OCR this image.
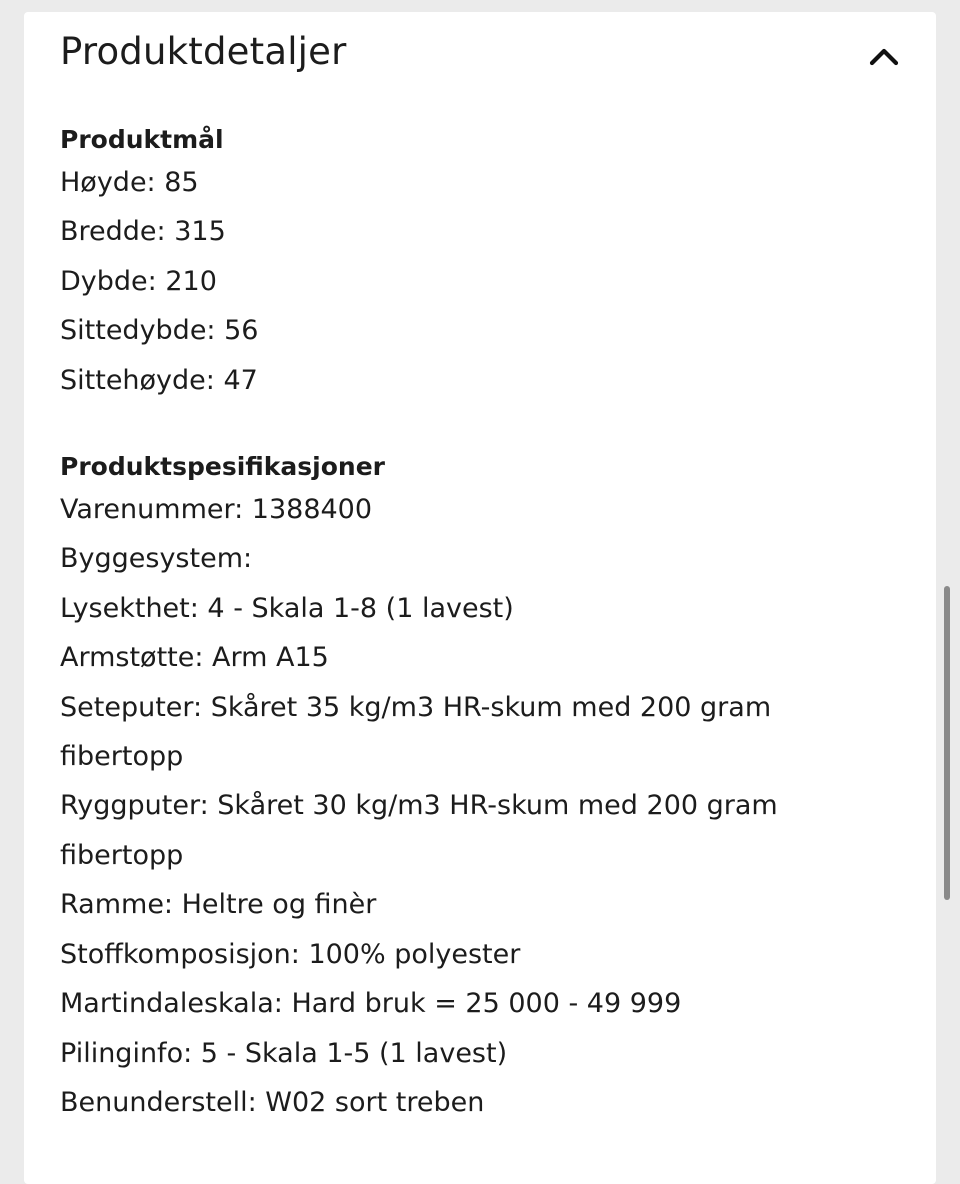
Produktdetaljer
Produktmål
Høyde: 85
Bredde: 315
Dybde: 210
Sittedybde: 56
Sittehøyde: 47
Produktspesifikasjoner
Varenummer: 1388400
Byggesystem:
Lysekthet: 4 - Skala 1-8 (1 lavest)
Armstøtte: Arm A15
Seteputer: Skåret 35 kg/m3 HR-skum med 200 gram fibertopp
Ryggputer: Skåret 30 kg/m3 HR-skum med 200 gram fibertopp
Ramme: Heltre og finèr
Stoffkomposisjon: 100% polyester
Martindaleskala: Hard bruk = 25 000 - 49 999
Pilinginfo: 5 - Skala 1-5 (1 lavest)
Benunderstell: W02 sort treben
